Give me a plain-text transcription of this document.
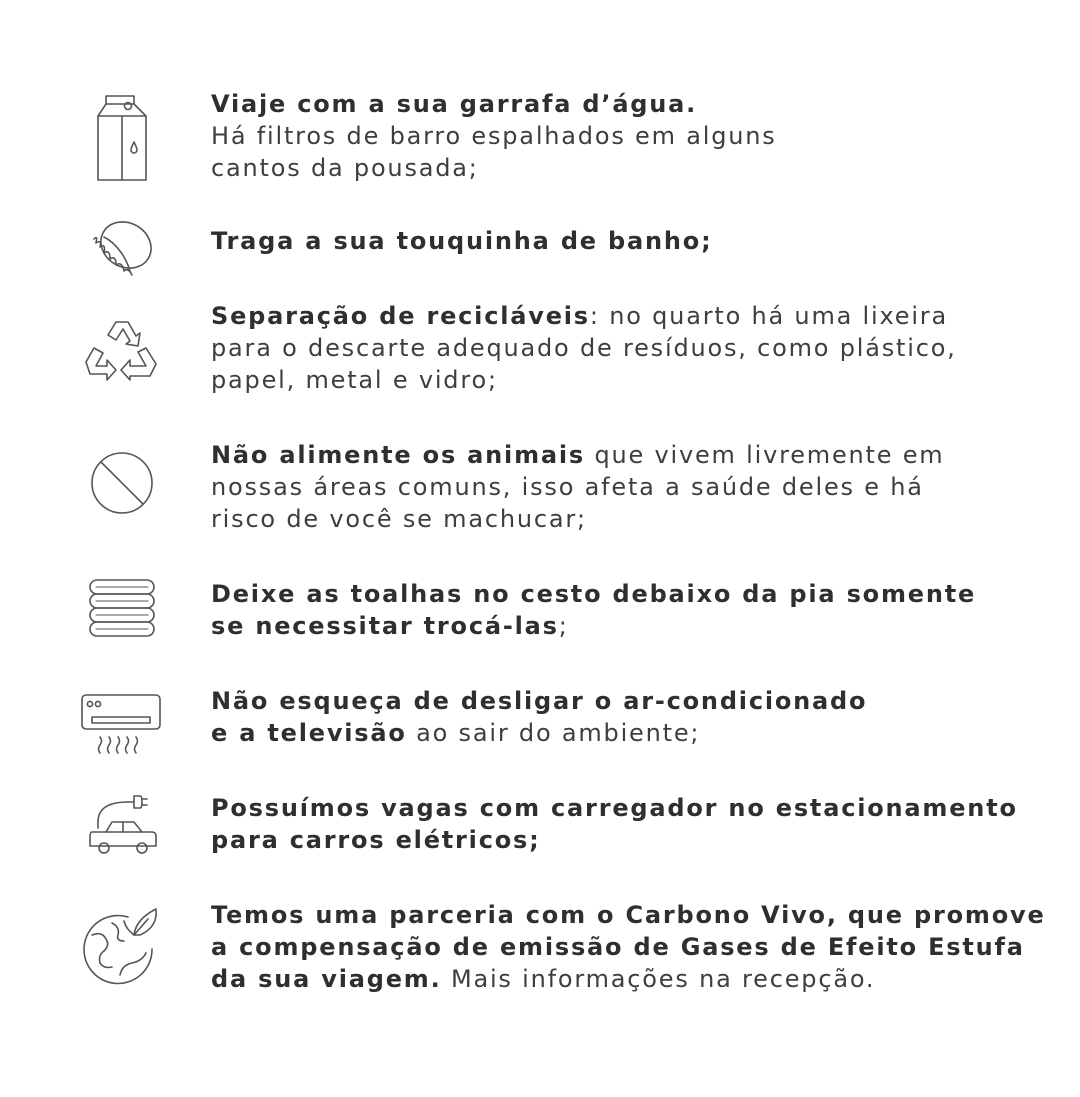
Viaje com a sua garrafa d’água.
Há filtros de barro espalhados em alguns
cantos da pousada;
Traga a sua touquinha de banho;
Separação de recicláveis: no quarto há uma lixeira
para o descarte adequado de resíduos, como plástico,
papel, metal e vidro;
Não alimente os animais que vivem livremente em
nossas áreas comuns, isso afeta a saúde deles e há
risco de você se machucar;
Deixe as toalhas no cesto debaixo da pia somente
se necessitar trocá-las;
Não esqueça de desligar o ar-condicionado
e a televisão ao sair do ambiente;
Possuímos vagas com carregador no estacionamento
para carros elétricos;
Temos uma parceria com o Carbono Vivo, que promove
a compensação de emissão de Gases de Efeito Estufa
da sua viagem. Mais informações na recepção.
